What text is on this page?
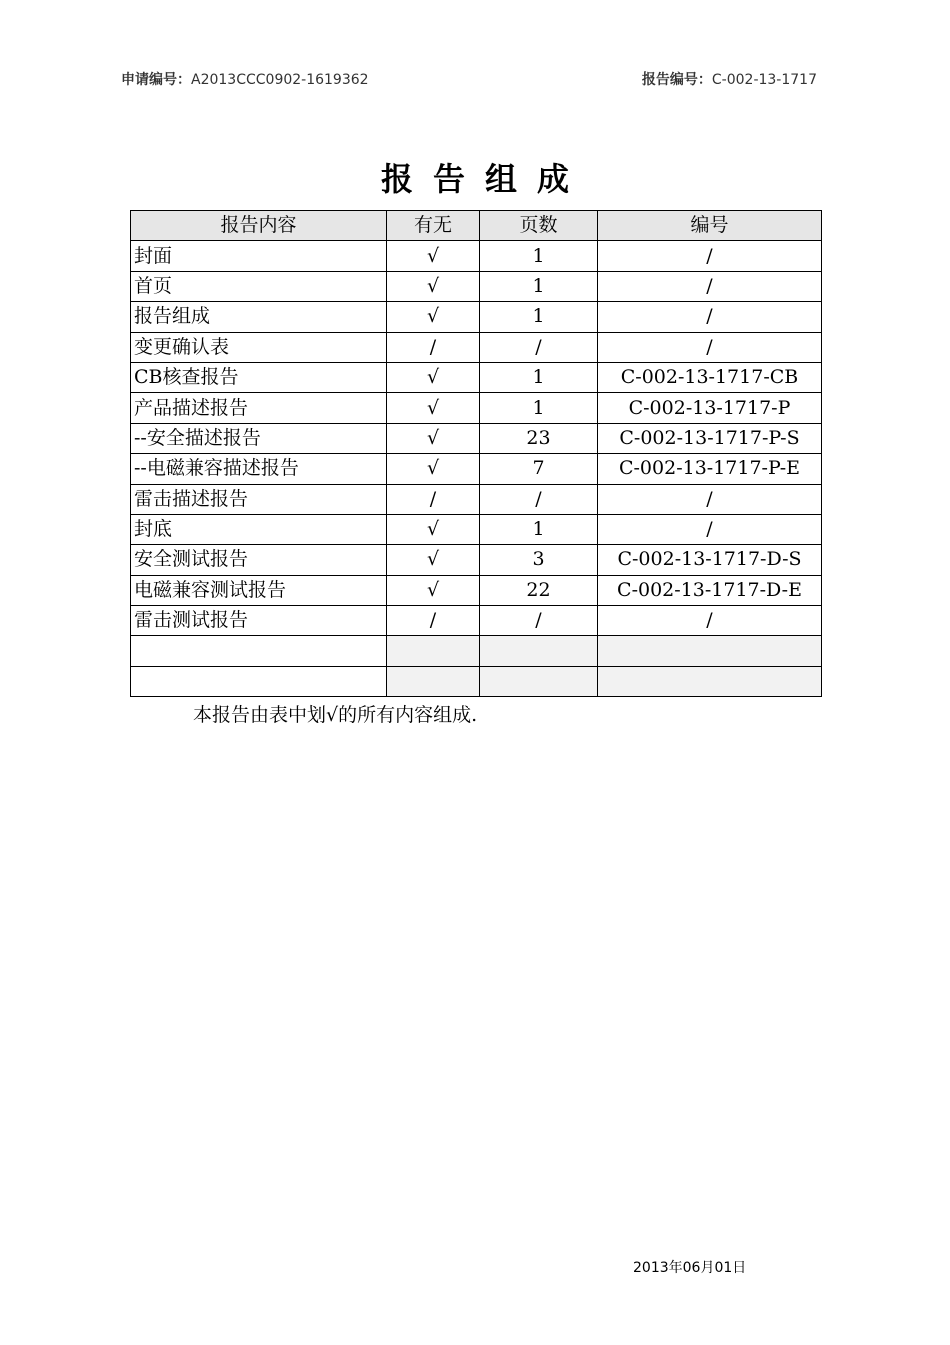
申请编号：A2013CCC0902-1619362	报告编号：C-002-13-1717
报告组成
报告内容	有无	页数	编号
封面	√	1	/
首页	√	1	/
报告组成	√	1	/
变更确认表	/	/	/
CB核查报告	√	1	C-002-13-1717-CB
产品描述报告	√	1	C-002-13-1717-P
--安全描述报告	√	23	C-002-13-1717-P-S
--电磁兼容描述报告	√	7	C-002-13-1717-P-E
雷击描述报告	/	/	/
封底	√	1	/
安全测试报告	√	3	C-002-13-1717-D-S
电磁兼容测试报告	√	22	C-002-13-1717-D-E
雷击测试报告	/	/	/

本报告由表中划√的所有内容组成.
2013年06月01日
